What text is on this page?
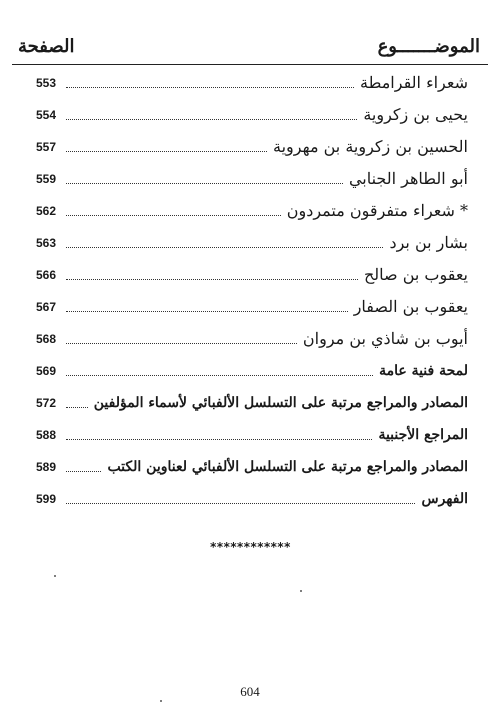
الموضـــــــوع
الصفحة
شعراء القرامطة
553
يحيى بن زكروية
554
الحسين بن زكروية بن مهروية
557
أبو الطاهر الجنابي
559
* شعراء متفرقون متمردون
562
بشار بن برد
563
يعقوب بن صالح
566
يعقوب بن الصفار
567
أيوب بن شاذي بن مروان
568
لمحة فنية عامة
569
المصادر والمراجع مرتبة على التسلسل الألفبائي لأسماء المؤلفين
572
المراجع الأجنبية
588
المصادر والمراجع مرتبة على التسلسل الألفبائي لعناوين الكتب
589
الفهرس
599
************
604
